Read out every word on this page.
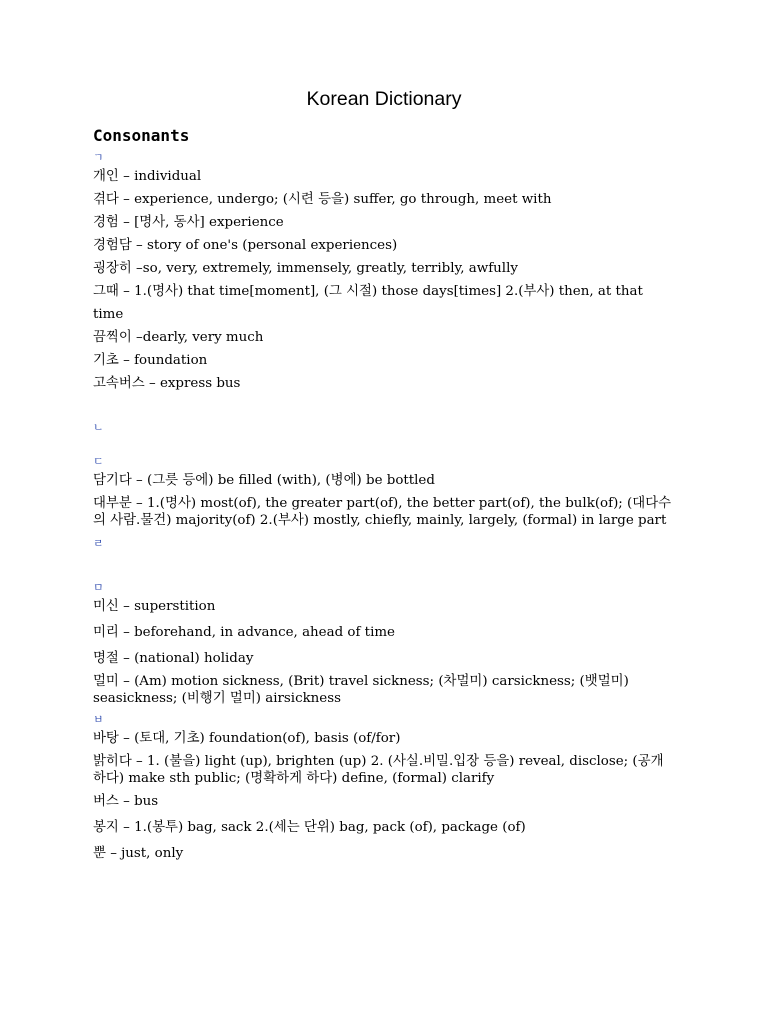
Korean Dictionary
Consonants
ㄱ
개인 – individual
겪다 – experience, undergo; (시련 등을) suffer, go through, meet with
경험 – [명사, 동사] experience
경험담 – story of one's (personal experiences)
굉장히 –so, very, extremely, immensely, greatly, terribly, awfully
그때 – 1.(명사) that time[moment], (그 시절) those days[times] 2.(부사) then, at that time
끔찍이 –dearly, very much
기초 – foundation
고속버스 – express bus
ㄴ
ㄷ
담기다 – (그릇 등에) be filled (with), (병에) be bottled
대부분 – 1.(명사) most(of), the greater part(of), the better part(of), the bulk(of); (대다수의 사람.물건) majority(of) 2.(부사) mostly, chiefly, mainly, largely, (formal) in large part
ㄹ
ㅁ
미신 – superstition
미리 – beforehand, in advance, ahead of time
명절 – (national) holiday
멀미 – (Am) motion sickness, (Brit) travel sickness; (차멀미) carsickness; (뱃멀미) seasickness; (비행기 멀미) airsickness
ㅂ
바탕 – (토대, 기초) foundation(of), basis (of/for)
밝히다 – 1. (불을) light (up), brighten (up) 2. (사실.비밀.입장 등을) reveal, disclose; (공개하다) make sth public; (명확하게 하다) define, (formal) clarify
버스 – bus
봉지 – 1.(봉투) bag, sack 2.(세는 단위) bag, pack (of), package (of)
뿐 – just, only
